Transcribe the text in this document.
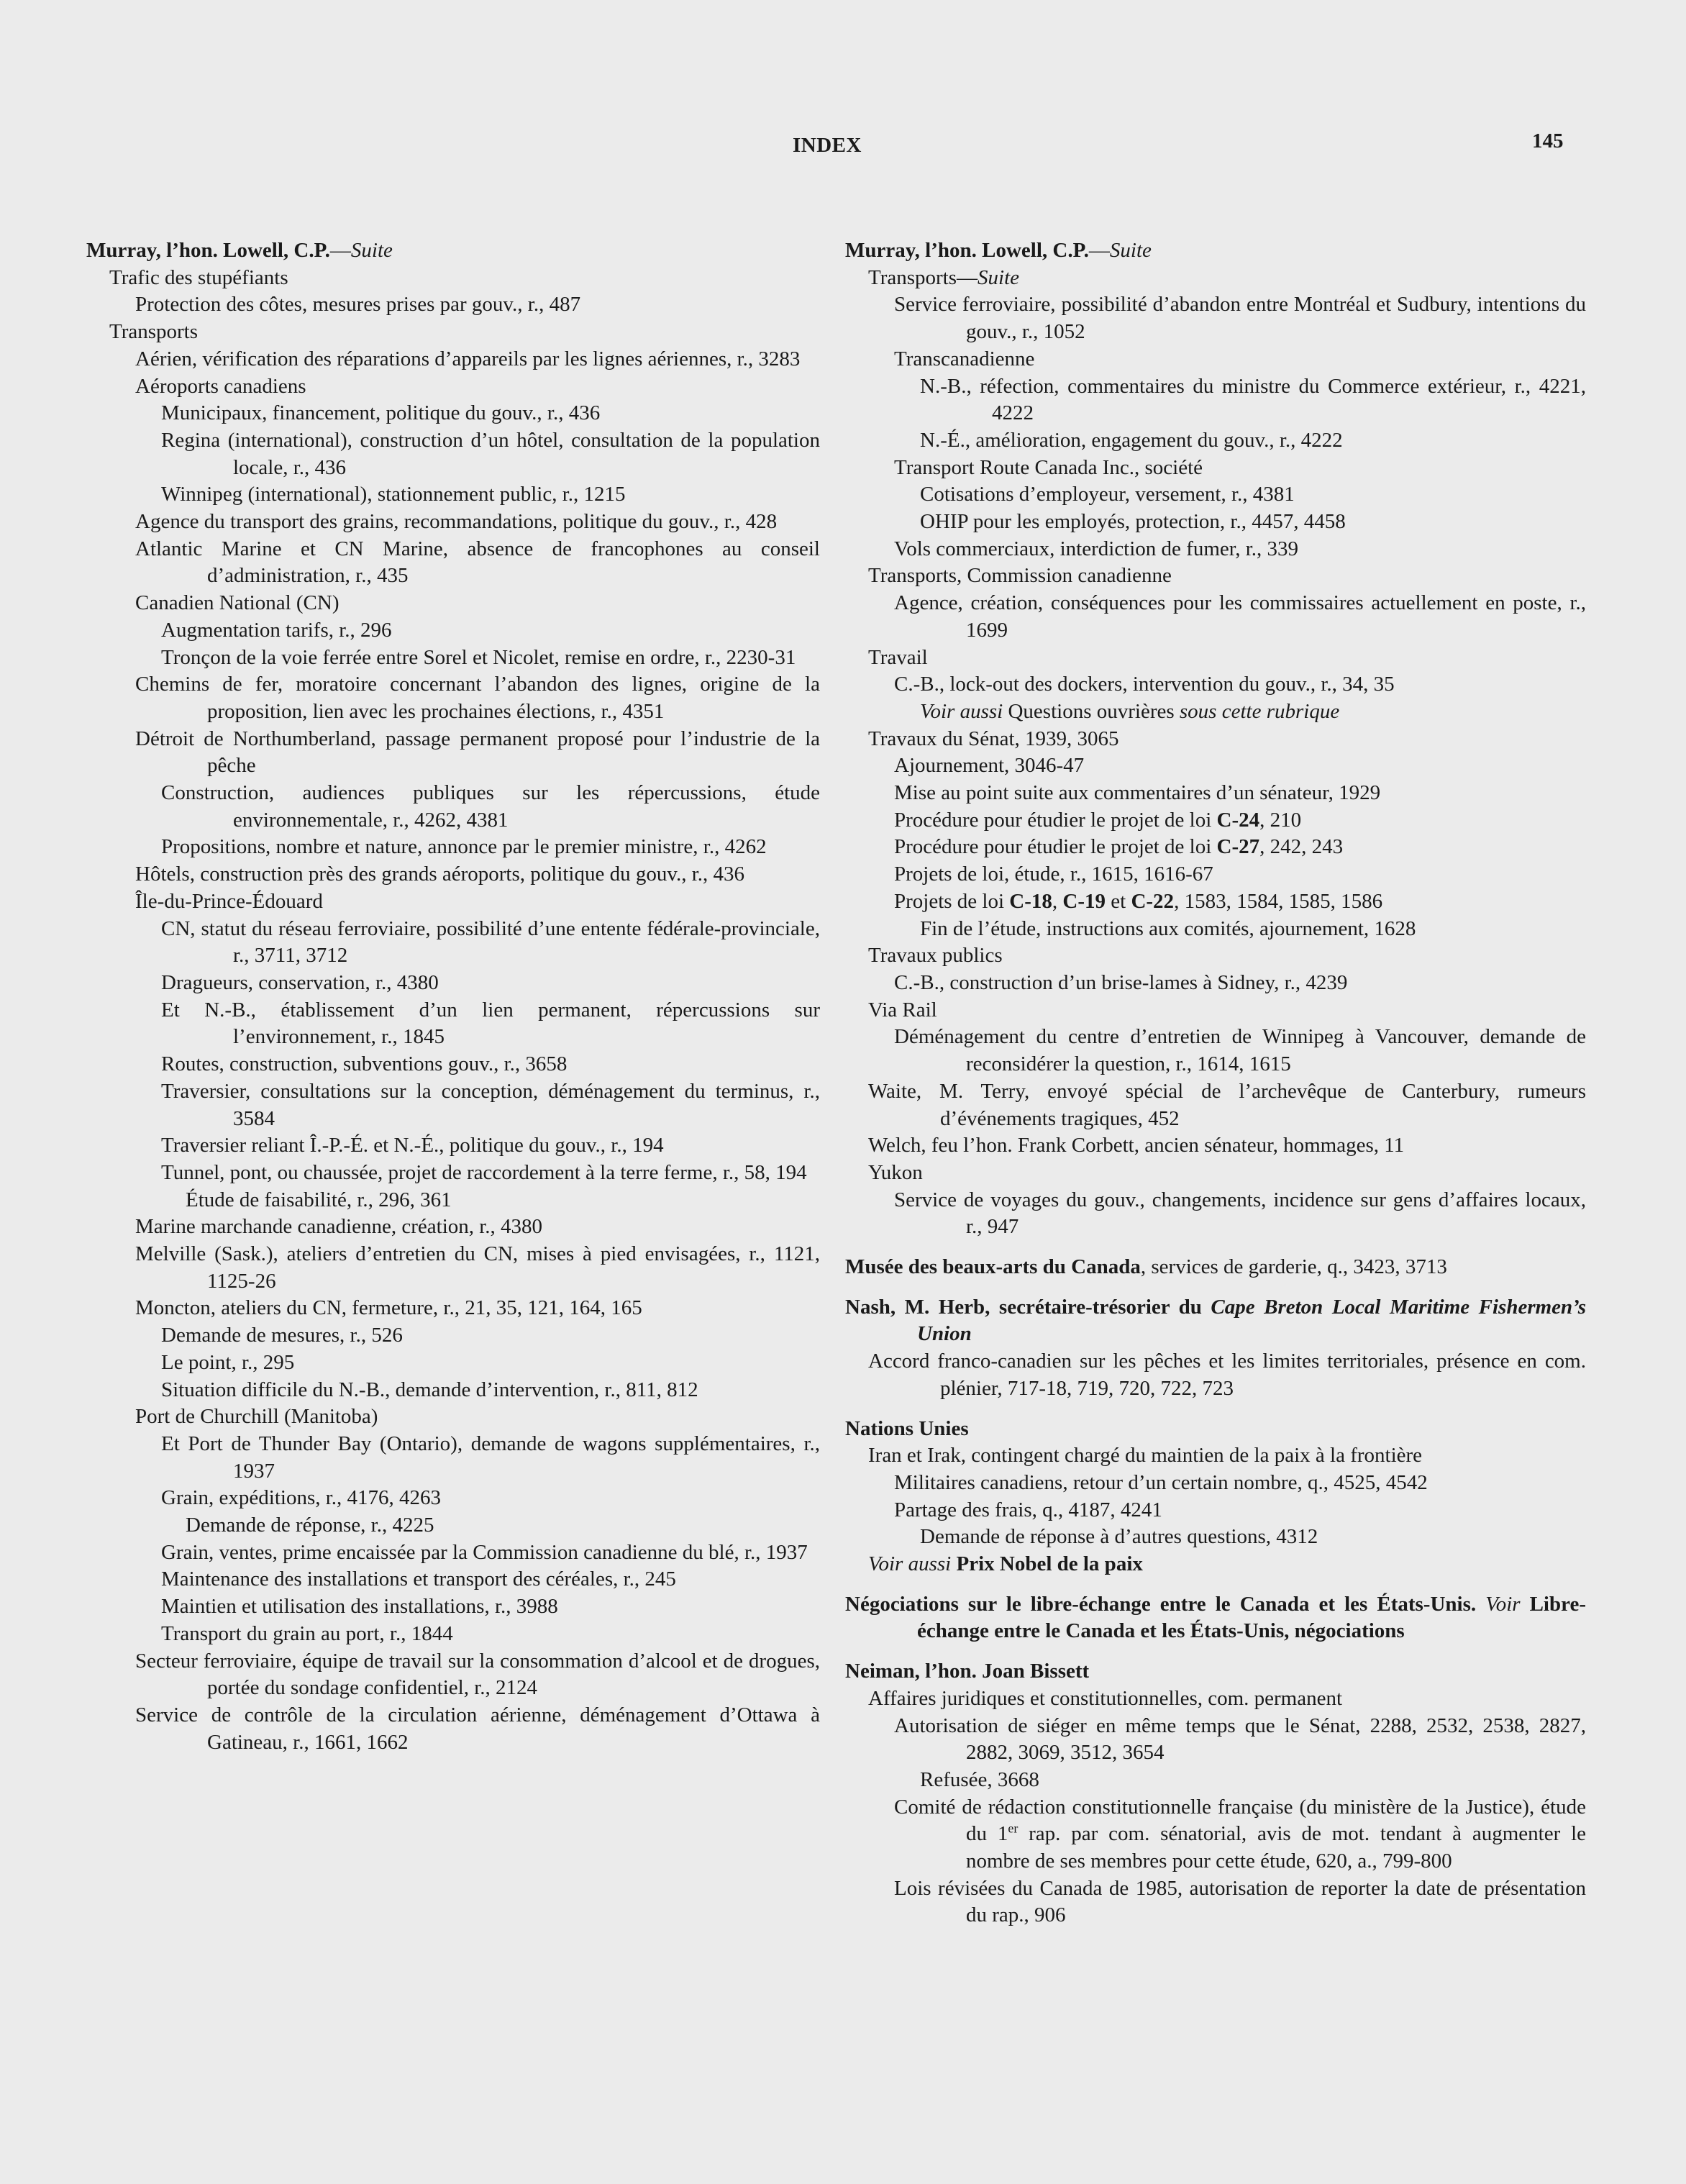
INDEX	145

Murray, l’hon. Lowell, C.P.—Suite

Trafic des stupéfiants

Protection des côtes, mesures prises par gouv., r., 487

Transports

Aérien, vérification des réparations d’appareils par les lignes aériennes, r., 3283

Aéroports canadiens

Municipaux, financement, politique du gouv., r., 436

Regina (international), construction d’un hôtel, consultation de la population locale, r., 436

Winnipeg (international), stationnement public, r., 1215

Agence du transport des grains, recommandations, politique du gouv., r., 428

Atlantic Marine et CN Marine, absence de francophones au conseil d’administration, r., 435

Canadien National (CN)

Augmentation tarifs, r., 296

Tronçon de la voie ferrée entre Sorel et Nicolet, remise en ordre, r., 2230-31

Chemins de fer, moratoire concernant l’abandon des lignes, origine de la proposition, lien avec les prochaines élections, r., 4351

Détroit de Northumberland, passage permanent proposé pour l’industrie de la pêche

Construction, audiences publiques sur les répercussions, étude environnementale, r., 4262, 4381

Propositions, nombre et nature, annonce par le premier ministre, r., 4262

Hôtels, construction près des grands aéroports, politique du gouv., r., 436

Île-du-Prince-Édouard

CN, statut du réseau ferroviaire, possibilité d’une entente fédérale-provinciale, r., 3711, 3712

Dragueurs, conservation, r., 4380

Et N.-B., établissement d’un lien permanent, répercussions sur l’environnement, r., 1845

Routes, construction, subventions gouv., r., 3658

Traversier, consultations sur la conception, déménagement du terminus, r., 3584

Traversier reliant Î.-P.-É. et N.-É., politique du gouv., r., 194

Tunnel, pont, ou chaussée, projet de raccordement à la terre ferme, r., 58, 194

Étude de faisabilité, r., 296, 361

Marine marchande canadienne, création, r., 4380

Melville (Sask.), ateliers d’entretien du CN, mises à pied envisagées, r., 1121, 1125-26

Moncton, ateliers du CN, fermeture, r., 21, 35, 121, 164, 165

Demande de mesures, r., 526

Le point, r., 295

Situation difficile du N.-B., demande d’intervention, r., 811, 812

Port de Churchill (Manitoba)

Et Port de Thunder Bay (Ontario), demande de wagons supplémentaires, r., 1937

Grain, expéditions, r., 4176, 4263

Demande de réponse, r., 4225

Grain, ventes, prime encaissée par la Commission canadienne du blé, r., 1937

Maintenance des installations et transport des céréales, r., 245

Maintien et utilisation des installations, r., 3988

Transport du grain au port, r., 1844

Secteur ferroviaire, équipe de travail sur la consommation d’alcool et de drogues, portée du sondage confidentiel, r., 2124

Service de contrôle de la circulation aérienne, déménagement d’Ottawa à Gatineau, r., 1661, 1662

Murray, l’hon. Lowell, C.P.—Suite

Transports—Suite

Service ferroviaire, possibilité d’abandon entre Montréal et Sudbury, intentions du gouv., r., 1052

Transcanadienne

N.-B., réfection, commentaires du ministre du Commerce extérieur, r., 4221, 4222

N.-É., amélioration, engagement du gouv., r., 4222

Transport Route Canada Inc., société

Cotisations d’employeur, versement, r., 4381

OHIP pour les employés, protection, r., 4457, 4458

Vols commerciaux, interdiction de fumer, r., 339

Transports, Commission canadienne

Agence, création, conséquences pour les commissaires actuellement en poste, r., 1699

Travail

C.-B., lock-out des dockers, intervention du gouv., r., 34, 35

Voir aussi Questions ouvrières sous cette rubrique

Travaux du Sénat, 1939, 3065

Ajournement, 3046-47

Mise au point suite aux commentaires d’un sénateur, 1929

Procédure pour étudier le projet de loi C-24, 210

Procédure pour étudier le projet de loi C-27, 242, 243

Projets de loi, étude, r., 1615, 1616-67

Projets de loi C-18, C-19 et C-22, 1583, 1584, 1585, 1586

Fin de l’étude, instructions aux comités, ajournement, 1628

Travaux publics

C.-B., construction d’un brise-lames à Sidney, r., 4239

Via Rail

Déménagement du centre d’entretien de Winnipeg à Vancouver, demande de reconsidérer la question, r., 1614, 1615

Waite, M. Terry, envoyé spécial de l’archevêque de Canterbury, rumeurs d’événements tragiques, 452

Welch, feu l’hon. Frank Corbett, ancien sénateur, hommages, 11

Yukon

Service de voyages du gouv., changements, incidence sur gens d’affaires locaux, r., 947

Musée des beaux-arts du Canada, services de garderie, q., 3423, 3713

Nash, M. Herb, secrétaire-trésorier du Cape Breton Local Maritime Fishermen’s Union

Accord franco-canadien sur les pêches et les limites territoriales, présence en com. plénier, 717-18, 719, 720, 722, 723

Nations Unies

Iran et Irak, contingent chargé du maintien de la paix à la frontière

Militaires canadiens, retour d’un certain nombre, q., 4525, 4542

Partage des frais, q., 4187, 4241

Demande de réponse à d’autres questions, 4312

Voir aussi Prix Nobel de la paix

Négociations sur le libre-échange entre le Canada et les États-Unis. Voir Libre-échange entre le Canada et les États-Unis, négociations

Neiman, l’hon. Joan Bissett

Affaires juridiques et constitutionnelles, com. permanent

Autorisation de siéger en même temps que le Sénat, 2288, 2532, 2538, 2827, 2882, 3069, 3512, 3654

Refusée, 3668

Comité de rédaction constitutionnelle française (du ministère de la Justice), étude du 1er rap. par com. sénatorial, avis de mot. tendant à augmenter le nombre de ses membres pour cette étude, 620, a., 799-800

Lois révisées du Canada de 1985, autorisation de reporter la date de présentation du rap., 906
